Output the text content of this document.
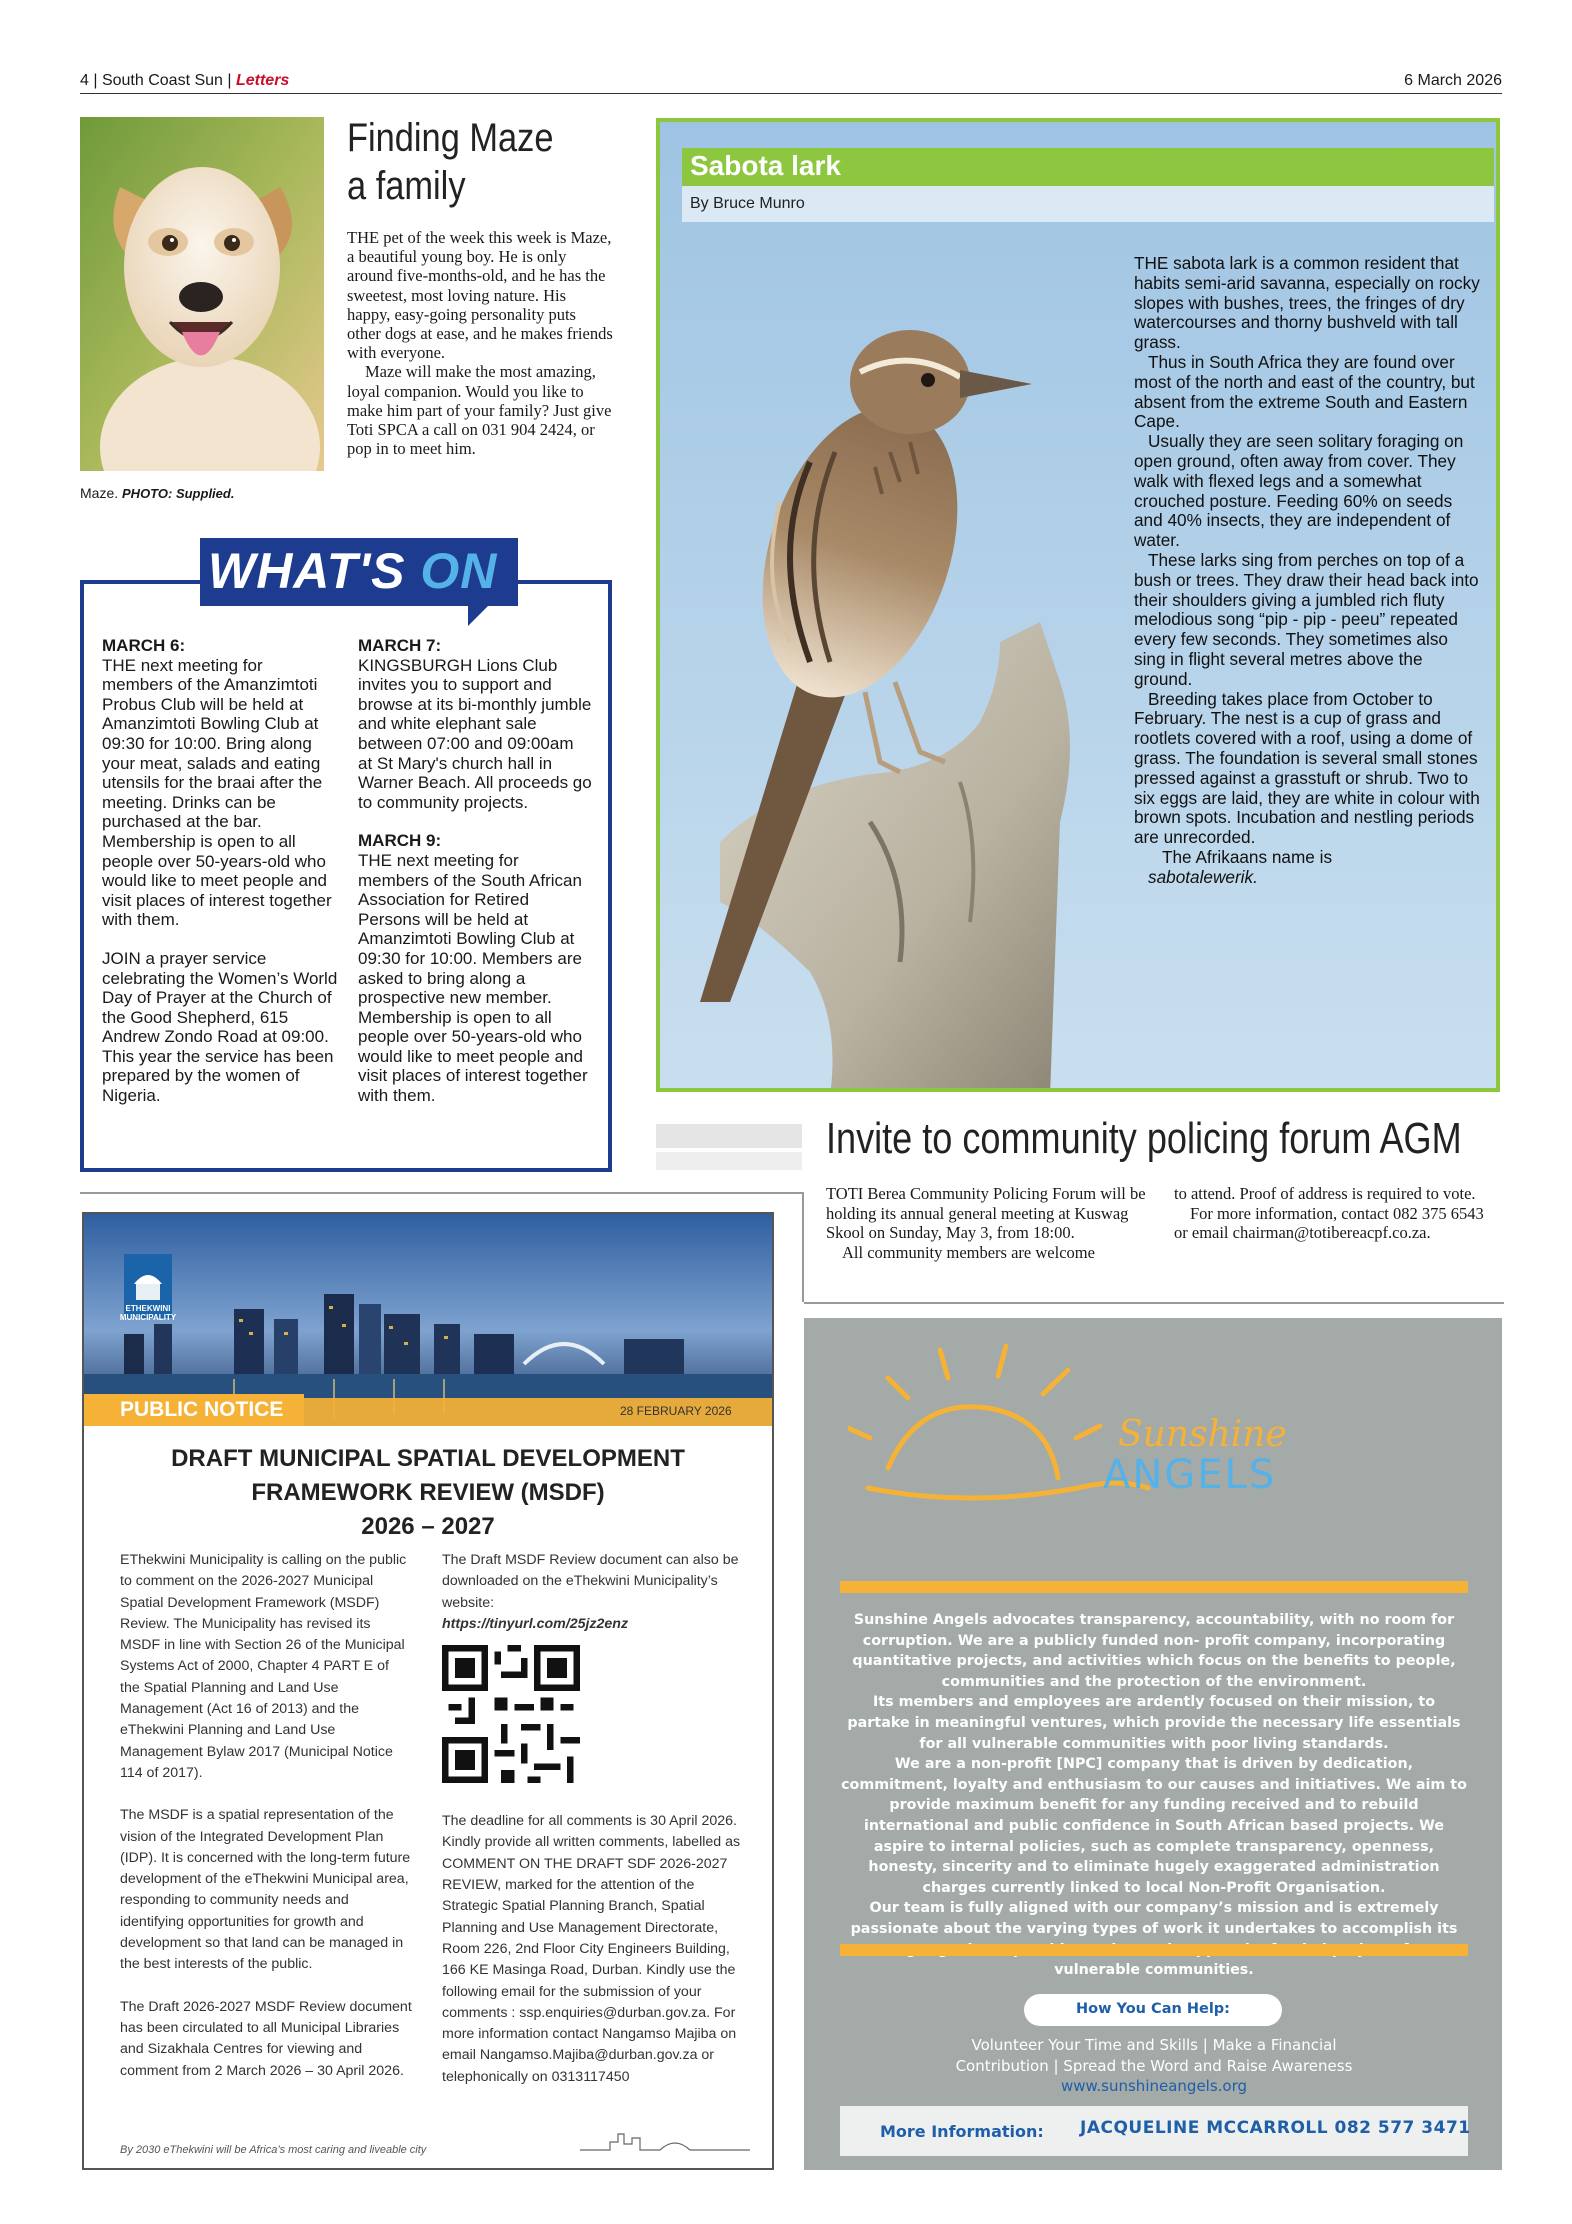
4 | South Coast Sun | Letters	6 March 2026
Maze. PHOTO: Supplied.
Finding Maze
a family

THE pet of the week this week is Maze, a beautiful young boy. He is only around five-months-old, and he has the sweetest, most loving nature. His happy, easy-going personality puts other dogs at ease, and he makes friends with everyone.

Maze will make the most amazing, loyal companion. Would you like to make him part of your family? Just give Toti SPCA a call on 031 904 2424, or pop in to meet him.

WHAT'S ON

MARCH 6:
THE next meeting for members of the Amanzimtoti Probus Club will be held at Amanzimtoti Bowling Club at 09:30 for 10:00. Bring along your meat, salads and eating utensils for the braai after the meeting. Drinks can be purchased at the bar. Membership is open to all people over 50-years-old who would like to meet people and visit places of interest together with them.

JOIN a prayer service celebrating the Women’s World Day of Prayer at the Church of the Good Shepherd, 615 Andrew Zondo Road at 09:00. This year the service has been prepared by the women of Nigeria.

MARCH 7:
KINGSBURGH Lions Club invites you to support and browse at its bi-monthly jumble and white elephant sale between 07:00 and 09:00am at St Mary's church hall in Warner Beach. All proceeds go to community projects.

MARCH 9:
THE next meeting for members of the South African Association for Retired Persons will be held at Amanzimtoti Bowling Club at 09:30 for 10:00. Members are asked to bring along a prospective new member. Membership is open to all people over 50-years-old who would like to meet people and visit places of interest together with them.

Sabota lark
By Bruce Munro

THE sabota lark is a common resident that habits semi-arid savanna, especially on rocky slopes with bushes, trees, the fringes of dry watercourses and thorny bushveld with tall grass.

Thus in South Africa they are found over most of the north and east of the country, but absent from the extreme South and Eastern Cape.

Usually they are seen solitary foraging on open ground, often away from cover. They walk with flexed legs and a somewhat crouched posture. Feeding 60% on seeds and 40% insects, they are independent of water.

These larks sing from perches on top of a bush or trees. They draw their head back into their shoulders giving a jumbled rich fluty melodious song “pip - pip - peeu” repeated every few seconds. They sometimes also sing in flight several metres above the ground.

Breeding takes place from October to February. The nest is a cup of grass and rootlets covered with a roof, using a dome of grass. The foundation is several small stones pressed against a grasstuft or shrub. Two to six eggs are laid, they are white in colour with brown spots. Incubation and nestling periods are unrecorded.

The Afrikaans name is
sabotalewerik.

Invite to community policing forum AGM

TOTI Berea Community Policing Forum will be holding its annual general meeting at Kuswag Skool on Sunday, May 3, from 18:00.

All community members are welcome

to attend. Proof of address is required to vote.

For more information, contact 082 375 6543 or email chairman@totibereacpf.co.za.

ETHEKWINI MUNICIPALITY
PUBLIC NOTICE	28 FEBRUARY 2026
DRAFT MUNICIPAL SPATIAL DEVELOPMENT
FRAMEWORK REVIEW (MSDF)
2026 – 2027

EThekwini Municipality is calling on the public to comment on the 2026-2027 Municipal Spatial Development Framework (MSDF) Review. The Municipality has revised its MSDF in line with Section 26 of the Municipal Systems Act of 2000, Chapter 4 PART E of the Spatial Planning and Land Use Management (Act 16 of 2013) and the eThekwini Planning and Land Use Management Bylaw 2017 (Municipal Notice 114 of 2017).

The MSDF is a spatial representation of the vision of the Integrated Development Plan (IDP). It is concerned with the long-term future development of the eThekwini Municipal area, responding to community needs and identifying opportunities for growth and development so that land can be managed in the best interests of the public.

The Draft 2026-2027 MSDF Review document has been circulated to all Municipal Libraries and Sizakhala Centres for viewing and comment from 2 March 2026 – 30 April 2026.

The Draft MSDF Review document can also be downloaded on the eThekwini Municipality’s website:

https://tinyurl.com/25jz2enz

The deadline for all comments is 30 April 2026. Kindly provide all written comments, labelled as COMMENT ON THE DRAFT SDF 2026-2027 REVIEW, marked for the attention of the Strategic Spatial Planning Branch, Spatial Planning and Use Management Directorate, Room 226, 2nd Floor City Engineers Building, 166 KE Masinga Road, Durban. Kindly use the following email for the submission of your comments : ssp.enquiries@durban.gov.za. For more information contact Nangamso Majiba on email Nangamso.Majiba@durban.gov.za or telephonically on 0313117450

By 2030 eThekwini will be Africa’s most caring and liveable city
Sunshine
ANGELS

Sunshine Angels advocates transparency, accountability, with no room for corruption. We are a publicly funded non- profit company, incorporating quantitative projects, and activities which focus on the benefits to people, communities and the protection of the environment.

Its members and employees are ardently focused on their mission, to partake in meaningful ventures, which provide the necessary life essentials for all vulnerable communities with poor living standards.

We are a non-profit [NPC] company that is driven by dedication, commitment, loyalty and enthusiasm to our causes and initiatives. We aim to provide maximum benefit for any funding received and to rebuild international and public confidence in South African based projects. We aspire to internal policies, such as complete transparency, openness, honesty, sincerity and to eliminate hugely exaggerated administration charges currently linked to local Non-Profit Organisation.

Our team is fully aligned with our company’s mission and is extremely passionate about the varying types of work it undertakes to accomplish its vulnerable communities.

How You Can Help:
Volunteer Your Time and Skills | Make a Financial
Contribution | Spread the Word and Raise Awareness
www.sunshineangels.org
More Information: JACQUELINE MCCARROLL 082 577 3471
